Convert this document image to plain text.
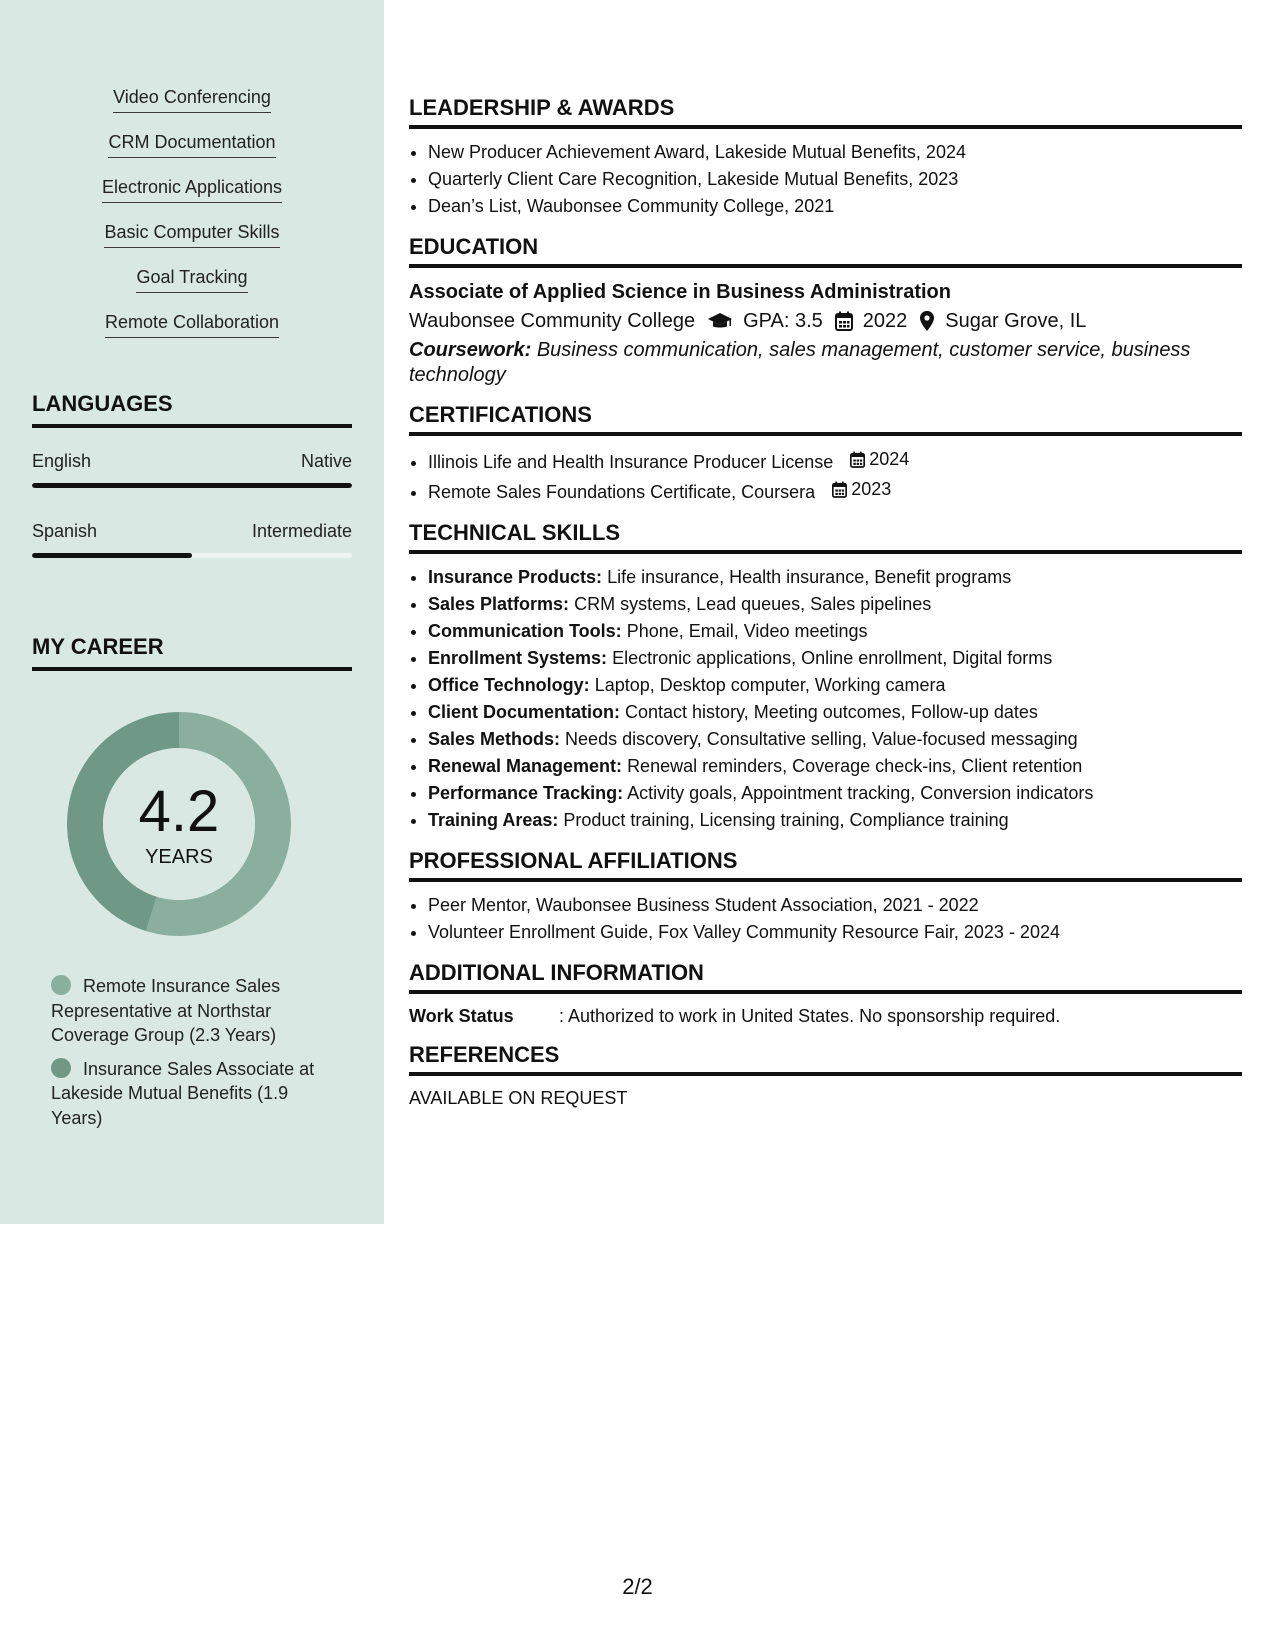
Video Conferencing
CRM Documentation
Electronic Applications
Basic Computer Skills
Goal Tracking
Remote Collaboration
LANGUAGES
English	Native
Spanish	Intermediate
MY CAREER
4.2
YEARS
Remote Insurance Sales Representative at Northstar Coverage Group (2.3 Years)
Insurance Sales Associate at Lakeside Mutual Benefits (1.9 Years)
LEADERSHIP & AWARDS
• New Producer Achievement Award, Lakeside Mutual Benefits, 2024
• Quarterly Client Care Recognition, Lakeside Mutual Benefits, 2023
• Dean’s List, Waubonsee Community College, 2021
EDUCATION
Associate of Applied Science in Business Administration
Waubonsee Community College GPA: 3.5 2022 Sugar Grove, IL
Coursework: Business communication, sales management, customer service, business technology
CERTIFICATIONS
• Illinois Life and Health Insurance Producer License 2024
• Remote Sales Foundations Certificate, Coursera 2023
TECHNICAL SKILLS
• Insurance Products: Life insurance, Health insurance, Benefit programs
• Sales Platforms: CRM systems, Lead queues, Sales pipelines
• Communication Tools: Phone, Email, Video meetings
• Enrollment Systems: Electronic applications, Online enrollment, Digital forms
• Office Technology: Laptop, Desktop computer, Working camera
• Client Documentation: Contact history, Meeting outcomes, Follow-up dates
• Sales Methods: Needs discovery, Consultative selling, Value-focused messaging
• Renewal Management: Renewal reminders, Coverage check-ins, Client retention
• Performance Tracking: Activity goals, Appointment tracking, Conversion indicators
• Training Areas: Product training, Licensing training, Compliance training
PROFESSIONAL AFFILIATIONS
• Peer Mentor, Waubonsee Business Student Association, 2021 - 2022
• Volunteer Enrollment Guide, Fox Valley Community Resource Fair, 2023 - 2024
ADDITIONAL INFORMATION
Work Status	: Authorized to work in United States. No sponsorship required.
REFERENCES
AVAILABLE ON REQUEST
2/2
